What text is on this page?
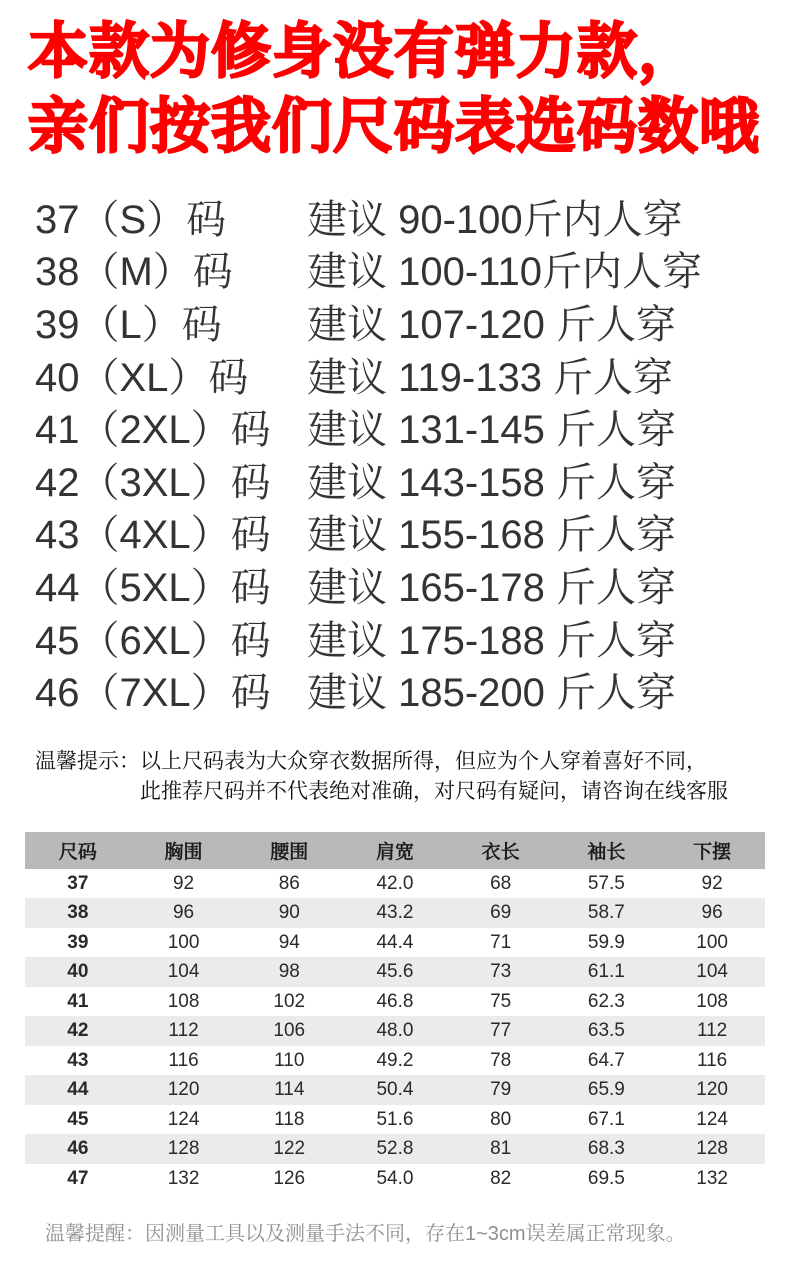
本款为修身没有弹力款，
亲们按我们尺码表选码数哦
37（S）码	建议 90-100斤内人穿
38（M）码	建议 100-110斤内人穿
39（L）码	建议 107-120 斤人穿
40（XL）码	建议 119-133 斤人穿
41（2XL）码 建议 131-145 斤人穿
42（3XL）码 建议 143-158 斤人穿
43（4XL）码 建议 155-168 斤人穿
44（5XL）码 建议 165-178 斤人穿
45（6XL）码 建议 175-188 斤人穿
46（7XL）码 建议 185-200 斤人穿
温馨提示： 以上尺码表为大众穿衣数据所得，但应为个人穿着喜好不同，
此推荐尺码并不代表绝对准确，对尺码有疑问，请咨询在线客服
尺码	胸围	腰围	肩宽	衣长	袖长	下摆
37	92	86	42.0	68	57.5	92
38	96	90	43.2	69	58.7	96
39	100	94	44.4	71	59.9	100
40	104	98	45.6	73	61.1	104
41	108	102	46.8	75	62.3	108
42	112	106	48.0	77	63.5	112
43	116	110	49.2	78	64.7	116
44	120	114	50.4	79	65.9	120
45	124	118	51.6	80	67.1	124
46	128	122	52.8	81	68.3	128
47	132	126	54.0	82	69.5	132
温馨提醒：因测量工具以及测量手法不同，存在1~3cm误差属正常现象。
